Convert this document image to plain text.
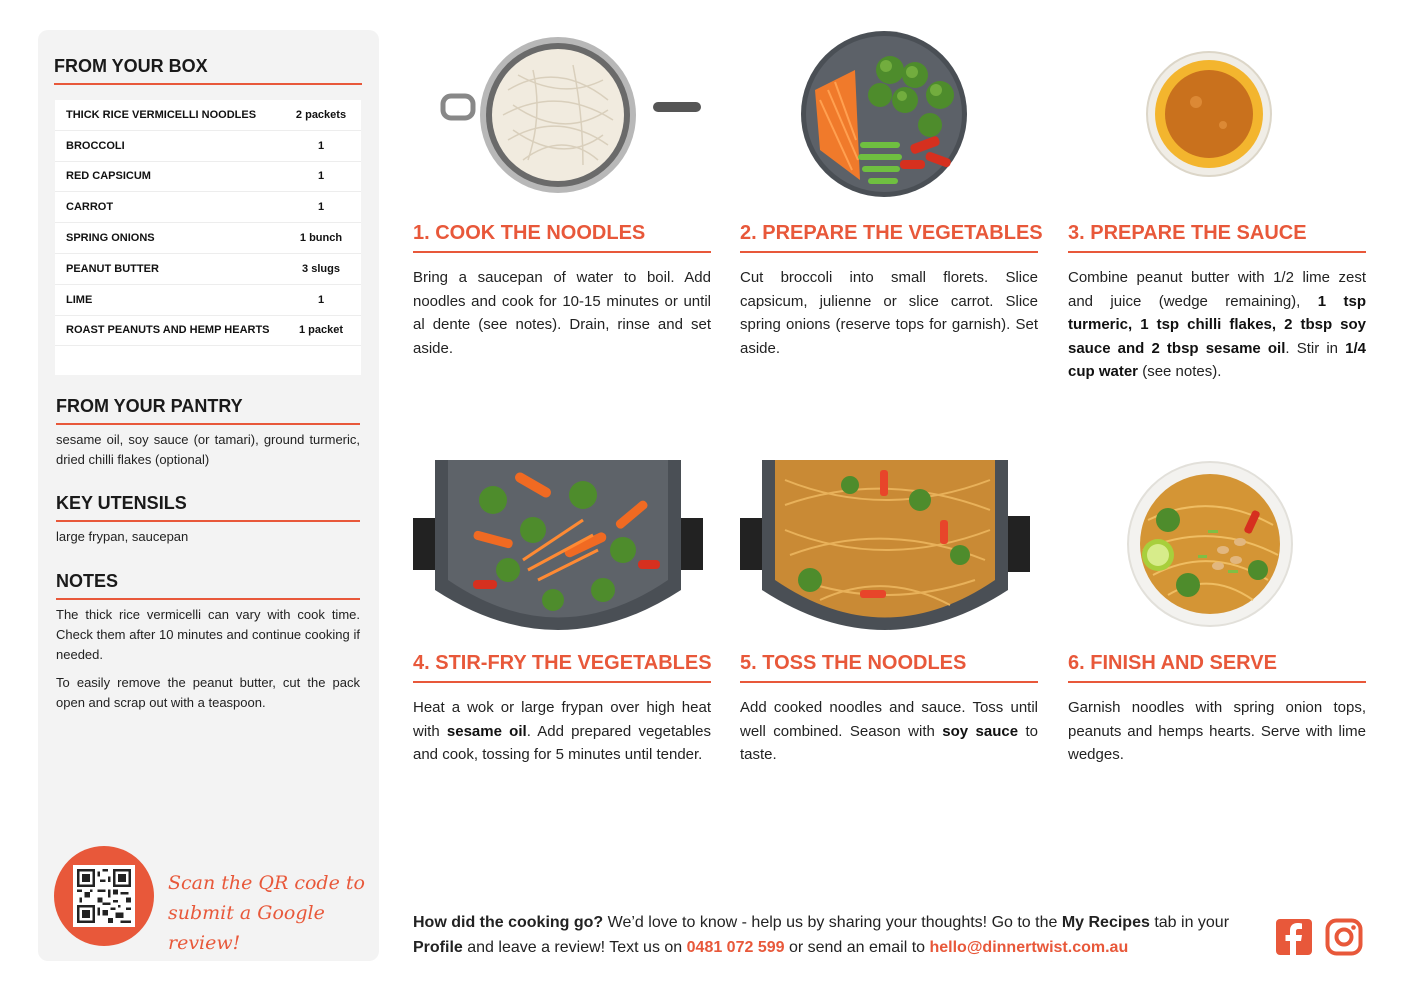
FROM YOUR BOX
THICK RICE VERMICELLI NOODLES	2 packets
BROCCOLI	1
RED CAPSICUM	1
CARROT	1
SPRING ONIONS	1 bunch
PEANUT BUTTER	3 slugs
LIME	1
ROAST PEANUTS AND HEMP HEARTS	1 packet
FROM YOUR PANTRY
sesame oil, soy sauce (or tamari), ground turmeric, dried chilli flakes (optional)
KEY UTENSILS
large frypan, saucepan
NOTES

The thick rice vermicelli can vary with cook time. Check them after 10 minutes and continue cooking if needed.

To easily remove the peanut butter, cut the pack open and scrap out with a teaspoon.

Scan the QR code to
submit a Google review!
1. COOK THE NOODLES
Bring a saucepan of water to boil. Add noodles and cook for 10-15 minutes or until al dente (see notes). Drain, rinse and set aside.
2. PREPARE THE VEGETABLES
Cut broccoli into small florets. Slice capsicum, julienne or slice carrot. Slice spring onions (reserve tops for garnish). Set aside.
3. PREPARE THE SAUCE
Combine peanut butter with 1/2 lime zest and juice (wedge remaining), 1 tsp turmeric, 1 tsp chilli flakes, 2 tbsp soy sauce and 2 tbsp sesame oil. Stir in 1/4 cup water (see notes).
4. STIR-FRY THE VEGETABLES
Heat a wok or large frypan over high heat with sesame oil. Add prepared vegetables and cook, tossing for 5 minutes until tender.
5. TOSS THE NOODLES
Add cooked noodles and sauce. Toss until well combined. Season with soy sauce to taste.
6. FINISH AND SERVE
Garnish noodles with spring onion tops, peanuts and hemps hearts. Serve with lime wedges.
How did the cooking go? We’d love to know - help us by sharing your thoughts! Go to the My Recipes tab in your Profile and leave a review! Text us on 0481 072 599 or send an email to hello@dinnertwist.com.au
